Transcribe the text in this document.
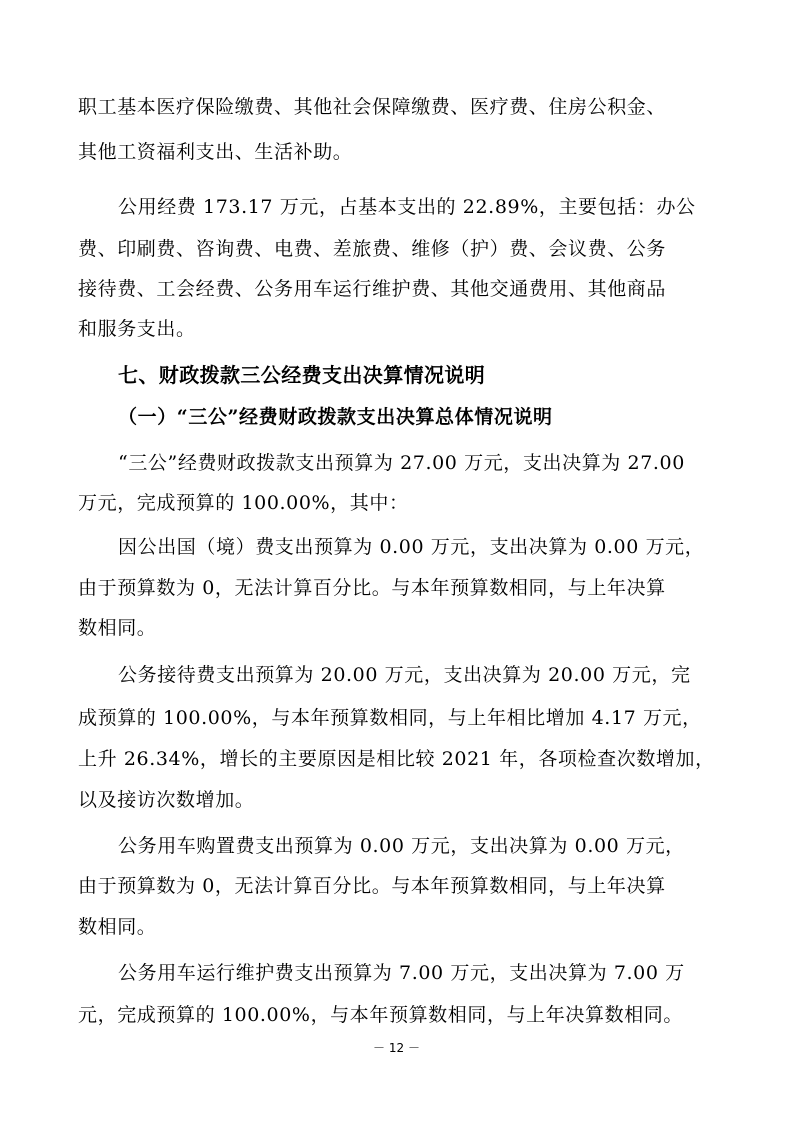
职工基本医疗保险缴费、其他社会保障缴费、医疗费、住房公积金、
其他工资福利支出、生活补助。
公用经费 173.17 万元，占基本支出的 22.89%，主要包括：办公
费、印刷费、咨询费、电费、差旅费、维修（护）费、会议费、公务
接待费、工会经费、公务用车运行维护费、其他交通费用、其他商品
和服务支出。
七、财政拨款三公经费支出决算情况说明
（一）“三公”经费财政拨款支出决算总体情况说明
“三公”经费财政拨款支出预算为 27.00 万元，支出决算为 27.00
万元，完成预算的 100.00%，其中：
因公出国（境）费支出预算为 0.00 万元，支出决算为 0.00 万元，
由于预算数为 0，无法计算百分比。与本年预算数相同，与上年决算
数相同。
公务接待费支出预算为 20.00 万元，支出决算为 20.00 万元，完
成预算的 100.00%，与本年预算数相同，与上年相比增加 4.17 万元，
上升 26.34%，增长的主要原因是相比较 2021 年，各项检查次数增加，
以及接访次数增加。
公务用车购置费支出预算为 0.00 万元，支出决算为 0.00 万元，
由于预算数为 0，无法计算百分比。与本年预算数相同，与上年决算
数相同。
公务用车运行维护费支出预算为 7.00 万元，支出决算为 7.00 万
元，完成预算的 100.00%，与本年预算数相同，与上年决算数相同。
－ 12 －
